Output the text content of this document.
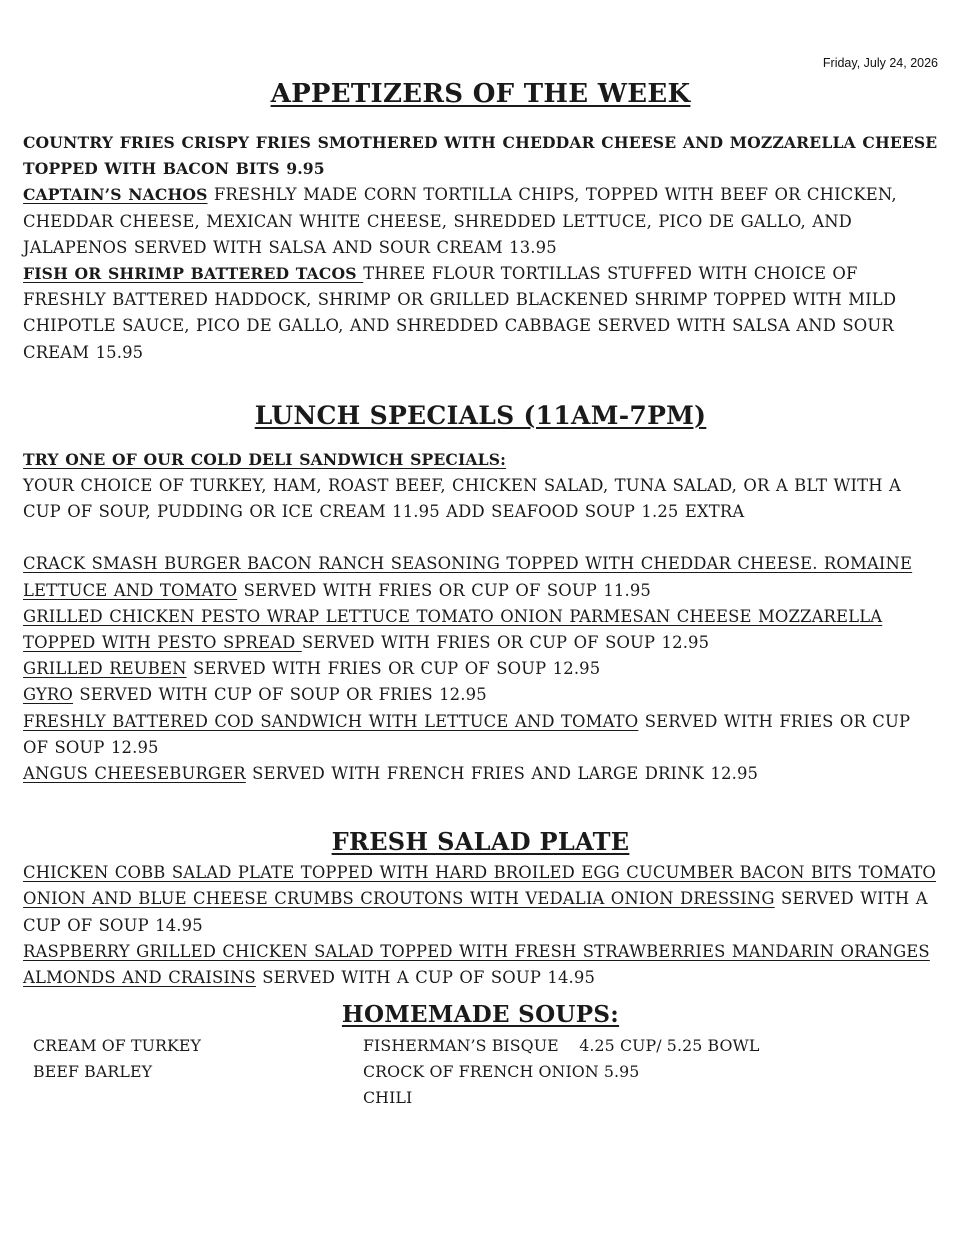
Friday, July 24, 2026
APPETIZERS OF THE WEEK
COUNTRY FRIES CRISPY FRIES SMOTHERED WITH CHEDDAR CHEESE AND MOZZARELLA CHEESE TOPPED WITH BACON BITS 9.95
CAPTAIN’S NACHOS FRESHLY MADE CORN TORTILLA CHIPS, TOPPED WITH BEEF OR CHICKEN, CHEDDAR CHEESE, MEXICAN WHITE CHEESE, SHREDDED LETTUCE, PICO DE GALLO, AND JALAPENOS SERVED WITH SALSA AND SOUR CREAM 13.95
FISH OR SHRIMP BATTERED TACOS THREE FLOUR TORTILLAS STUFFED WITH CHOICE OF FRESHLY BATTERED HADDOCK, SHRIMP OR GRILLED BLACKENED SHRIMP TOPPED WITH MILD CHIPOTLE SAUCE, PICO DE GALLO, AND SHREDDED CABBAGE SERVED WITH SALSA AND SOUR CREAM 15.95
LUNCH SPECIALS (11AM-7PM)
TRY ONE OF OUR COLD DELI SANDWICH SPECIALS:
YOUR CHOICE OF TURKEY, HAM, ROAST BEEF, CHICKEN SALAD, TUNA SALAD, OR A BLT WITH A CUP OF SOUP, PUDDING OR ICE CREAM 11.95 ADD SEAFOOD SOUP 1.25 EXTRA
CRACK SMASH BURGER BACON RANCH SEASONING TOPPED WITH CHEDDAR CHEESE. ROMAINE LETTUCE AND TOMATO SERVED WITH FRIES OR CUP OF SOUP 11.95
GRILLED CHICKEN PESTO WRAP LETTUCE TOMATO ONION PARMESAN CHEESE MOZZARELLA TOPPED WITH PESTO SPREAD SERVED WITH FRIES OR CUP OF SOUP 12.95
GRILLED REUBEN SERVED WITH FRIES OR CUP OF SOUP 12.95
GYRO SERVED WITH CUP OF SOUP OR FRIES 12.95
FRESHLY BATTERED COD SANDWICH WITH LETTUCE AND TOMATO SERVED WITH FRIES OR CUP OF SOUP 12.95
ANGUS CHEESEBURGER SERVED WITH FRENCH FRIES AND LARGE DRINK 12.95
FRESH SALAD PLATE
CHICKEN COBB SALAD PLATE TOPPED WITH HARD BROILED EGG CUCUMBER BACON BITS TOMATO ONION AND BLUE CHEESE CRUMBS CROUTONS WITH VEDALIA ONION DRESSING SERVED WITH A CUP OF SOUP 14.95
RASPBERRY GRILLED CHICKEN SALAD TOPPED WITH FRESH STRAWBERRIES MANDARIN ORANGES ALMONDS AND CRAISINS SERVED WITH A CUP OF SOUP 14.95
HOMEMADE SOUPS:
CREAM OF TURKEY
BEEF BARLEY
FISHERMAN’S BISQUE    4.25 CUP/ 5.25 BOWL
CROCK OF FRENCH ONION 5.95
CHILI
